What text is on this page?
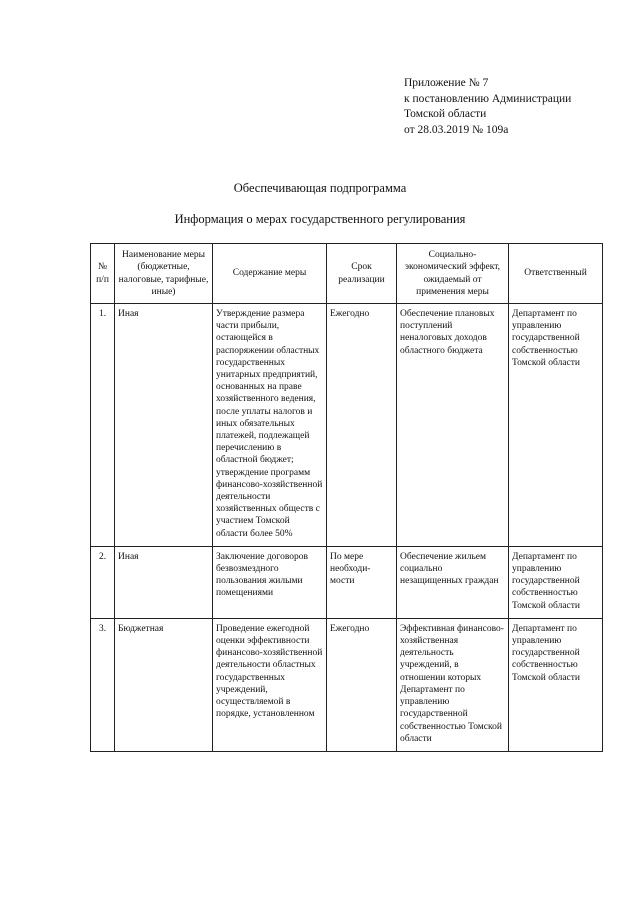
Приложение № 7
к постановлению Администрации
Томской области
от 28.03.2019 № 109а
Обеспечивающая подпрограмма
Информация о мерах государственного регулирования
№ п/п	Наименование меры (бюджетные, налоговые, тарифные, иные)	Содержание меры	Срок реализации	Социально-экономический эффект, ожидаемый от применения меры	Ответственный
1.	Иная	Утверждение размера части прибыли, остающейся в распоряжении областных государственных унитарных предприятий, основанных на праве хозяйственного ведения, после уплаты налогов и иных обязательных платежей, подлежащей перечислению в областной бюджет; утверждение программ финансово-хозяйственной деятельности хозяйственных обществ с участием Томской области более 50%	Ежегодно	Обеспечение плановых поступлений неналоговых доходов областного бюджета	Департамент по управлению государственной собственностью Томской области
2.	Иная	Заключение договоров безвозмездного пользования жилыми помещениями	По мере необходи-мости	Обеспечение жильем социально незащищенных граждан	Департамент по управлению государственной собственностью Томской области
3.	Бюджетная	Проведение ежегодной оценки эффективности финансово-хозяйственной деятельности областных государственных учреждений, осуществляемой в порядке, установленном	Ежегодно	Эффективная финансово-хозяйственная деятельность учреждений, в отношении которых Департамент по управлению государственной собственностью Томской области	Департамент по управлению государственной собственностью Томской области
